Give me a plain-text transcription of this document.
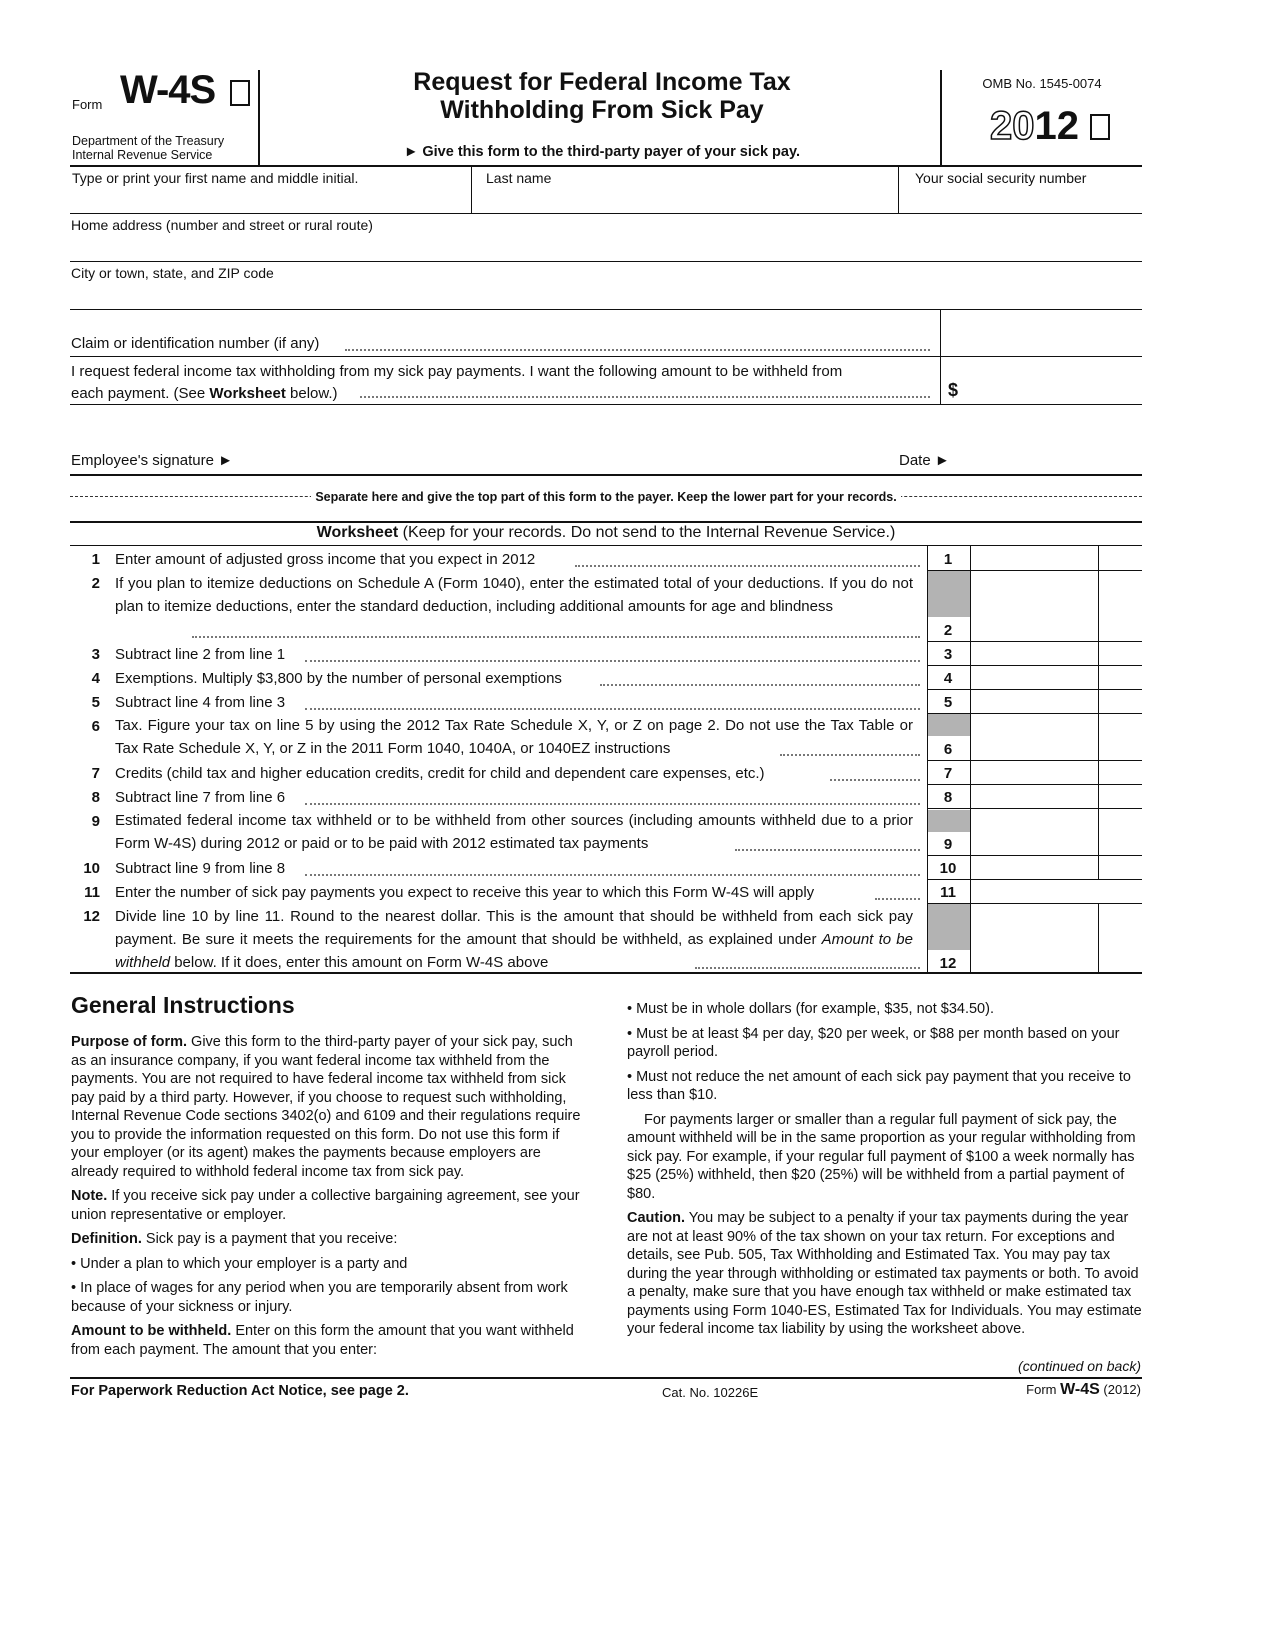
Form W-4S
Department of the Treasury
Internal Revenue Service
Request for Federal Income Tax
Withholding From Sick Pay
► Give this form to the third-party payer of your sick pay.
OMB No. 1545-0074
2012
Type or print your first name and middle initial.	Last name	Your social security number
Home address (number and street or rural route)
City or town, state, and ZIP code
Claim or identification number (if any)
I request federal income tax withholding from my sick pay payments. I want the following amount to be withheld from
each payment. (See Worksheet below.)	$
Employee's signature ►	Date ►
Separate here and give the top part of this form to the payer. Keep the lower part for your records.
Worksheet (Keep for your records. Do not send to the Internal Revenue Service.)
1 Enter amount of adjusted gross income that you expect in 2012	1
2 If you plan to itemize deductions on Schedule A (Form 1040), enter the estimated total of your deductions. If you do not plan to itemize deductions, enter the standard deduction, including additional amounts for age and blindness
2
3 Subtract line 2 from line 1	3
4 Exemptions. Multiply $3,800 by the number of personal exemptions	4
5 Subtract line 4 from line 3	5
6 Tax. Figure your tax on line 5 by using the 2012 Tax Rate Schedule X, Y, or Z on page 2. Do not use the Tax Table or Tax Rate Schedule X, Y, or Z in the 2011 Form 1040, 1040A, or 1040EZ instructions	6
7 Credits (child tax and higher education credits, credit for child and dependent care expenses, etc.)	7
8 Subtract line 7 from line 6	8
9 Estimated federal income tax withheld or to be withheld from other sources (including amounts withheld due to a prior Form W-4S) during 2012 or paid or to be paid with 2012 estimated tax payments	9
10 Subtract line 9 from line 8	10
11 Enter the number of sick pay payments you expect to receive this year to which this Form W-4S will apply	11
12 Divide line 10 by line 11. Round to the nearest dollar. This is the amount that should be withheld from each sick pay payment. Be sure it meets the requirements for the amount that should be withheld, as explained under Amount to be withheld below. If it does, enter this amount on Form W-4S above	12
General Instructions

Purpose of form. Give this form to the third-party payer of your sick pay, such as an insurance company, if you want federal income tax withheld from the payments. You are not required to have federal income tax withheld from sick pay paid by a third party. However, if you choose to request such withholding, Internal Revenue Code sections 3402(o) and 6109 and their regulations require you to provide the information requested on this form. Do not use this form if your employer (or its agent) makes the payments because employers are already required to withhold federal income tax from sick pay.

Note. If you receive sick pay under a collective bargaining agreement, see your union representative or employer.

Definition. Sick pay is a payment that you receive:

• Under a plan to which your employer is a party and

• In place of wages for any period when you are temporarily absent from work because of your sickness or injury.

Amount to be withheld. Enter on this form the amount that you want withheld from each payment. The amount that you enter:

• Must be in whole dollars (for example, $35, not $34.50).

• Must be at least $4 per day, $20 per week, or $88 per month based on your payroll period.

• Must not reduce the net amount of each sick pay payment that you receive to less than $10.

For payments larger or smaller than a regular full payment of sick pay, the amount withheld will be in the same proportion as your regular withholding from sick pay. For example, if your regular full payment of $100 a week normally has $25 (25%) withheld, then $20 (25%) will be withheld from a partial payment of $80.

Caution. You may be subject to a penalty if your tax payments during the year are not at least 90% of the tax shown on your tax return. For exceptions and details, see Pub. 505, Tax Withholding and Estimated Tax. You may pay tax during the year through withholding or estimated tax payments or both. To avoid a penalty, make sure that you have enough tax withheld or make estimated tax payments using Form 1040-ES, Estimated Tax for Individuals. You may estimate your federal income tax liability by using the worksheet above.

(continued on back)
For Paperwork Reduction Act Notice, see page 2.	Cat. No. 10226E	Form W-4S (2012)
